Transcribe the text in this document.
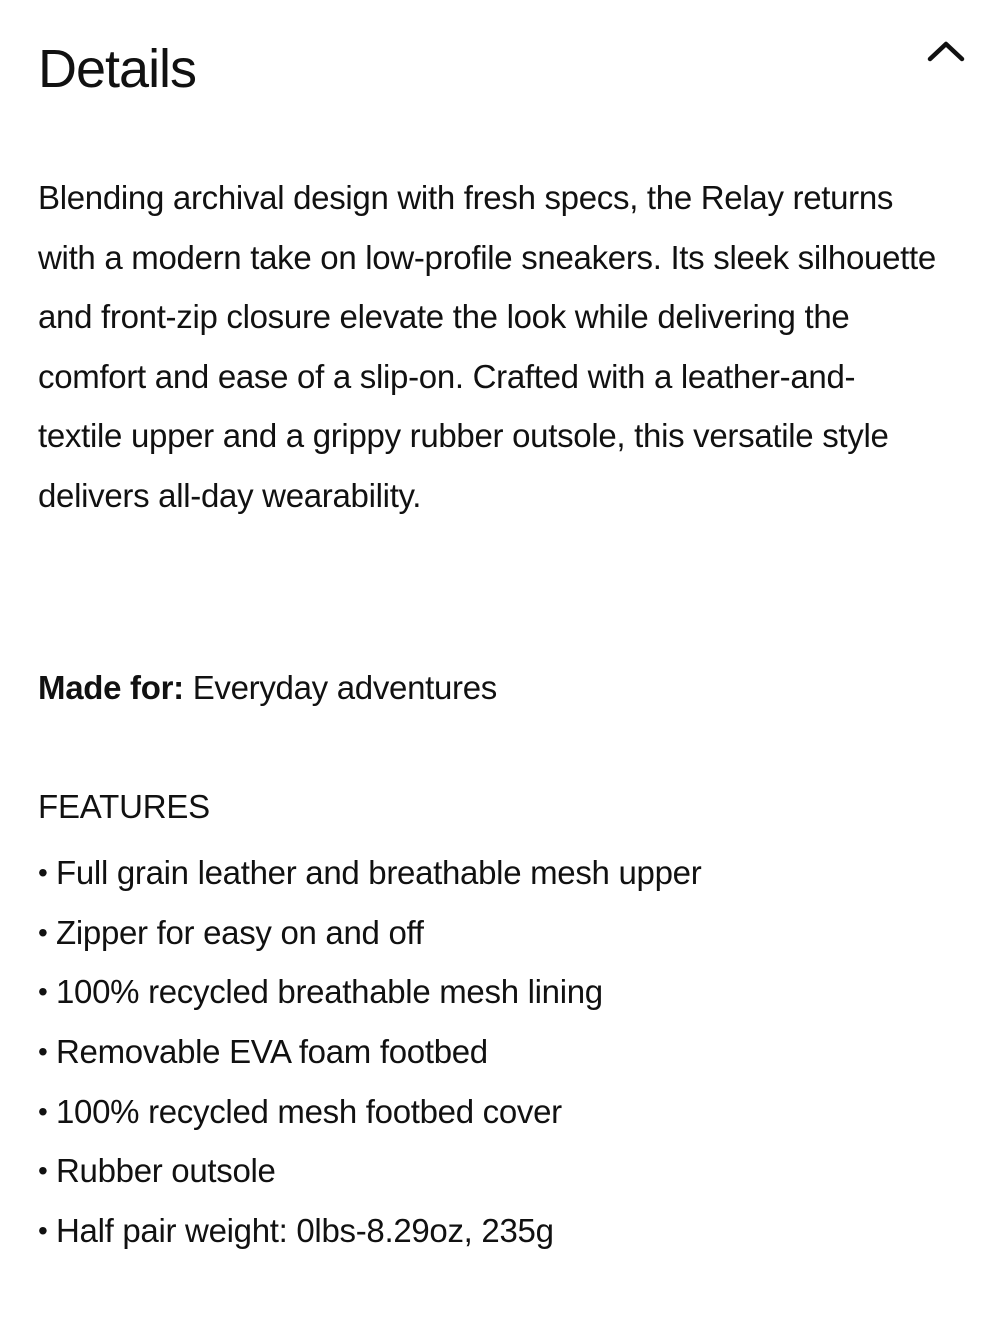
Details

Blending archival design with fresh specs, the Relay returns with a modern take on low-profile sneakers. Its sleek silhouette and front-zip closure elevate the look while delivering the comfort and ease of a slip-on. Crafted with a leather-and-textile upper and a grippy rubber outsole, this versatile style delivers all-day wearability.

Made for: Everyday adventures

FEATURES
• Full grain leather and breathable mesh upper
• Zipper for easy on and off
• 100% recycled breathable mesh lining
• Removable EVA foam footbed
• 100% recycled mesh footbed cover
• Rubber outsole
• Half pair weight: 0lbs-8.29oz, 235g
